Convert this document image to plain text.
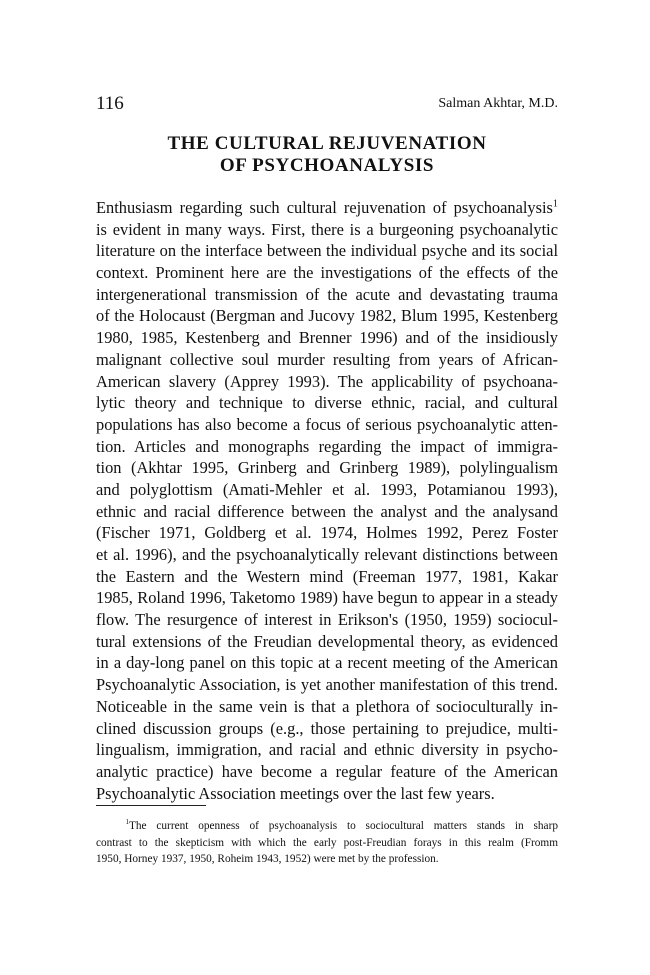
116	Salman Akhtar, M.D.
THE CULTURAL REJUVENATION
OF PSYCHOANALYSIS
Enthusiasm regarding such cultural rejuvenation of psychoanalysis$^1$
is evident in many ways. First, there is a burgeoning psychoanalytic
literature on the interface between the individual psyche and its social
context. Prominent here are the investigations of the effects of the
intergenerational transmission of the acute and devastating trauma
of the Holocaust (Bergman and Jucovy 1982, Blum 1995, Kestenberg
1980, 1985, Kestenberg and Brenner 1996) and of the insidiously
malignant collective soul murder resulting from years of African-
American slavery (Apprey 1993). The applicability of psychoana-
lytic theory and technique to diverse ethnic, racial, and cultural
populations has also become a focus of serious psychoanalytic atten-
tion. Articles and monographs regarding the impact of immigra-
tion (Akhtar 1995, Grinberg and Grinberg 1989), polylingualism
and polyglottism (Amati-Mehler et al. 1993, Potamianou 1993),
ethnic and racial difference between the analyst and the analysand
(Fischer 1971, Goldberg et al. 1974, Holmes 1992, Perez Foster
et al. 1996), and the psychoanalytically relevant distinctions between
the Eastern and the Western mind (Freeman 1977, 1981, Kakar
1985, Roland 1996, Taketomo 1989) have begun to appear in a steady
flow. The resurgence of interest in Erikson's (1950, 1959) sociocul-
tural extensions of the Freudian developmental theory, as evidenced
in a day-long panel on this topic at a recent meeting of the American
Psychoanalytic Association, is yet another manifestation of this trend.
Noticeable in the same vein is that a plethora of socioculturally in-
clined discussion groups (e.g., those pertaining to prejudice, multi-
lingualism, immigration, and racial and ethnic diversity in psycho-
analytic practice) have become a regular feature of the American
Psychoanalytic Association meetings over the last few years.
$^1$The current openness of psychoanalysis to sociocultural matters stands in sharp
contrast to the skepticism with which the early post-Freudian forays in this realm (Fromm
1950, Horney 1937, 1950, Roheim 1943, 1952) were met by the profession.
